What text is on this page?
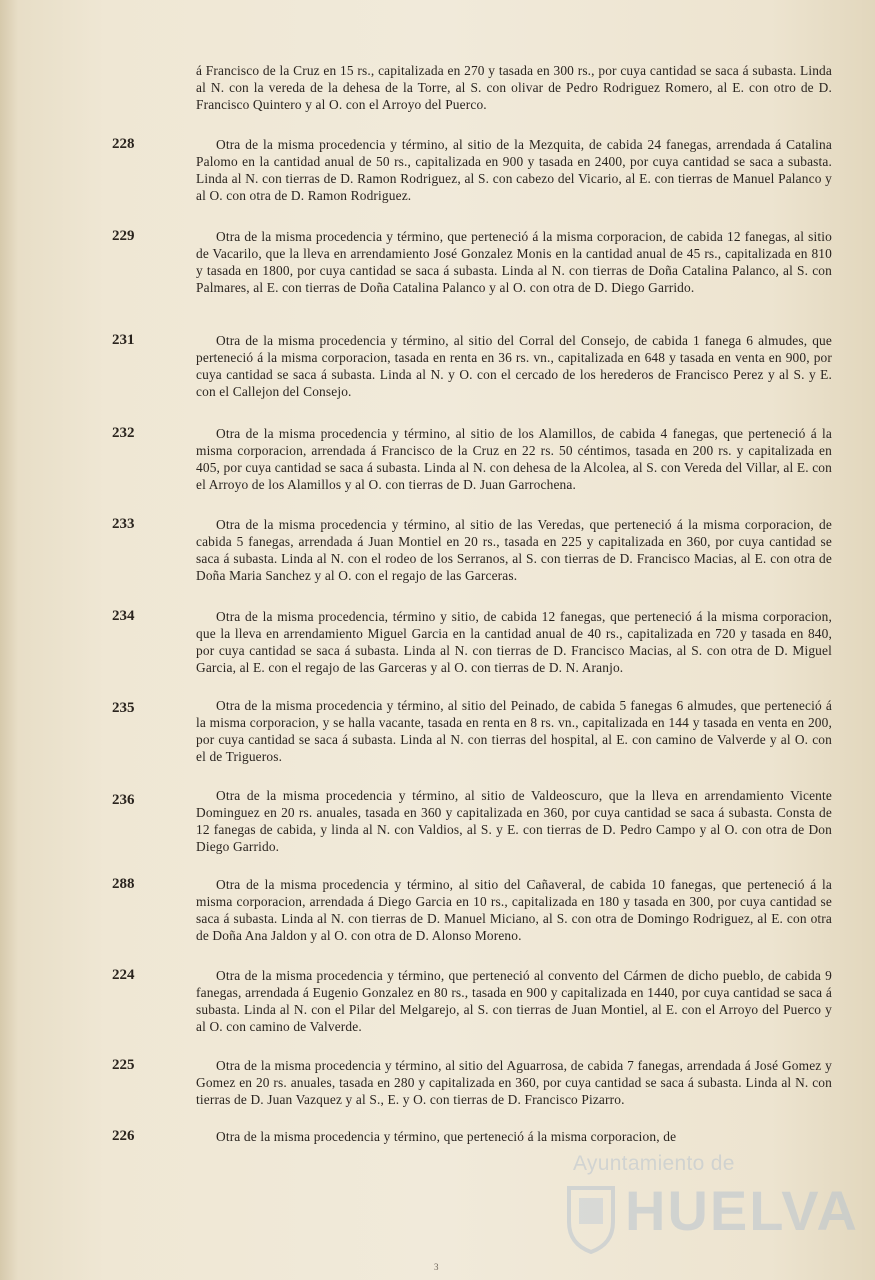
á Francisco de la Cruz en 15 rs., capitalizada en 270 y tasada en 300 rs., por cuya cantidad se saca á subasta. Linda al N. con la vereda de la dehesa de la Torre, al S. con olivar de Pedro Rodriguez Romero, al E. con otro de D. Francisco Quintero y al O. con el Arroyo del Puerco.
228	Otra de la misma procedencia y término, al sitio de la Mezquita, de cabida 24 fanegas, arrendada á Catalina Palomo en la cantidad anual de 50 rs., capitalizada en 900 y tasada en 2400, por cuya cantidad se saca a subasta. Linda al N. con tierras de D. Ramon Rodriguez, al S. con cabezo del Vicario, al E. con tierras de Manuel Palanco y al O. con otra de D. Ramon Rodriguez.
229	Otra de la misma procedencia y término, que perteneció á la misma corporacion, de cabida 12 fanegas, al sitio de Vacarilo, que la lleva en arrendamiento José Gonzalez Monis en la cantidad anual de 45 rs., capitalizada en 810 y tasada en 1800, por cuya cantidad se saca á subasta. Linda al N. con tierras de Doña Catalina Palanco, al S. con Palmares, al E. con tierras de Doña Catalina Palanco y al O. con otra de D. Diego Garrido.
231	Otra de la misma procedencia y término, al sitio del Corral del Consejo, de cabida 1 fanega 6 almudes, que perteneció á la misma corporacion, tasada en renta en 36 rs. vn., capitalizada en 648 y tasada en venta en 900, por cuya cantidad se saca á subasta. Linda al N. y O. con el cercado de los herederos de Francisco Perez y al S. y E. con el Callejon del Consejo.
232	Otra de la misma procedencia y término, al sitio de los Alamillos, de cabida 4 fanegas, que perteneció á la misma corporacion, arrendada á Francisco de la Cruz en 22 rs. 50 céntimos, tasada en 200 rs. y capitalizada en 405, por cuya cantidad se saca á subasta. Linda al N. con dehesa de la Alcolea, al S. con Vereda del Villar, al E. con el Arroyo de los Alamillos y al O. con tierras de D. Juan Garrochena.
233	Otra de la misma procedencia y término, al sitio de las Veredas, que perteneció á la misma corporacion, de cabida 5 fanegas, arrendada á Juan Montiel en 20 rs., tasada en 225 y capitalizada en 360, por cuya cantidad se saca á subasta. Linda al N. con el rodeo de los Serranos, al S. con tierras de D. Francisco Macias, al E. con otra de Doña Maria Sanchez y al O. con el regajo de las Garceras.
234	Otra de la misma procedencia, término y sitio, de cabida 12 fanegas, que perteneció á la misma corporacion, que la lleva en arrendamiento Miguel Garcia en la cantidad anual de 40 rs., capitalizada en 720 y tasada en 840, por cuya cantidad se saca á subasta. Linda al N. con tierras de D. Francisco Macias, al S. con otra de D. Miguel Garcia, al E. con el regajo de las Garceras y al O. con tierras de D. N. Aranjo.
235	Otra de la misma procedencia y término, al sitio del Peinado, de cabida 5 fanegas 6 almudes, que perteneció á la misma corporacion, y se halla vacante, tasada en renta en 8 rs. vn., capitalizada en 144 y tasada en venta en 200, por cuya cantidad se saca á subasta. Linda al N. con tierras del hospital, al E. con camino de Valverde y al O. con el de Trigueros.
236	Otra de la misma procedencia y término, al sitio de Valdeoscuro, que la lleva en arrendamiento Vicente Dominguez en 20 rs. anuales, tasada en 360 y capitalizada en 360, por cuya cantidad se saca á subasta. Consta de 12 fanegas de cabida, y linda al N. con Valdios, al S. y E. con tierras de D. Pedro Campo y al O. con otra de Don Diego Garrido.
288	Otra de la misma procedencia y término, al sitio del Cañaveral, de cabida 10 fanegas, que perteneció á la misma corporacion, arrendada á Diego Garcia en 10 rs., capitalizada en 180 y tasada en 300, por cuya cantidad se saca á subasta. Linda al N. con tierras de D. Manuel Miciano, al S. con otra de Domingo Rodriguez, al E. con otra de Doña Ana Jaldon y al O. con otra de D. Alonso Moreno.
224	Otra de la misma procedencia y término, que perteneció al convento del Cármen de dicho pueblo, de cabida 9 fanegas, arrendada á Eugenio Gonzalez en 80 rs., tasada en 900 y capitalizada en 1440, por cuya cantidad se saca á subasta. Linda al N. con el Pilar del Melgarejo, al S. con tierras de Juan Montiel, al E. con el Arroyo del Puerco y al O. con camino de Valverde.
225	Otra de la misma procedencia y término, al sitio del Aguarrosa, de cabida 7 fanegas, arrendada á José Gomez y Gomez en 20 rs. anuales, tasada en 280 y capitalizada en 360, por cuya cantidad se saca á subasta. Linda al N. con tierras de D. Juan Vazquez y al S., E. y O. con tierras de D. Francisco Pizarro.
226	Otra de la misma procedencia y término, que perteneció á la misma corporacion, de
Ayuntamiento de
HUELVA
3
